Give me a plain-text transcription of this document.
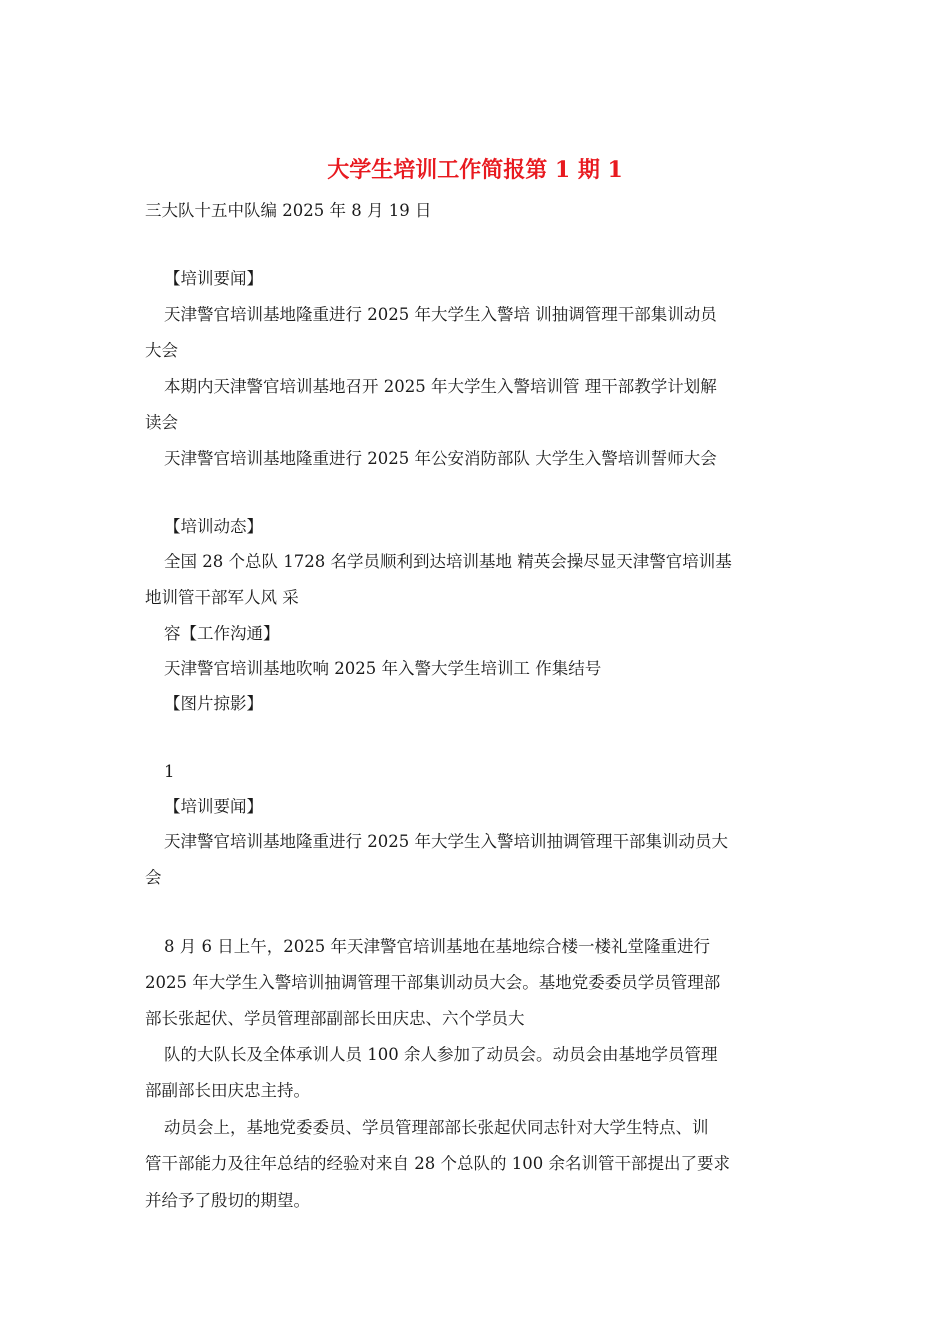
大学生培训工作简报第 1 期 1

三大队十五中队编 2025 年 8 月 19 日

【培训要闻】

天津警官培训基地隆重进行 2025 年大学生入警培 训抽调管理干部集训动员

大会

本期内天津警官培训基地召开 2025 年大学生入警培训管 理干部教学计划解

读会

天津警官培训基地隆重进行 2025 年公安消防部队 大学生入警培训誓师大会

【培训动态】

全国 28 个总队 1728 名学员顺利到达培训基地 精英会操尽显天津警官培训基

地训管干部军人风 采

容【工作沟通】

天津警官培训基地吹响 2025 年入警大学生培训工 作集结号

【图片掠影】

1

【培训要闻】

天津警官培训基地隆重进行 2025 年大学生入警培训抽调管理干部集训动员大

会

8 月 6 日上午，2025 年天津警官培训基地在基地综合楼一楼礼堂隆重进行

2025 年大学生入警培训抽调管理干部集训动员大会。基地党委委员学员管理部

部长张起伏、学员管理部副部长田庆忠、六个学员大

队的大队长及全体承训人员 100 余人参加了动员会。动员会由基地学员管理

部副部长田庆忠主持。

动员会上，基地党委委员、学员管理部部长张起伏同志针对大学生特点、训

管干部能力及往年总结的经验对来自 28 个总队的 100 余名训管干部提出了要求

并给予了殷切的期望。
